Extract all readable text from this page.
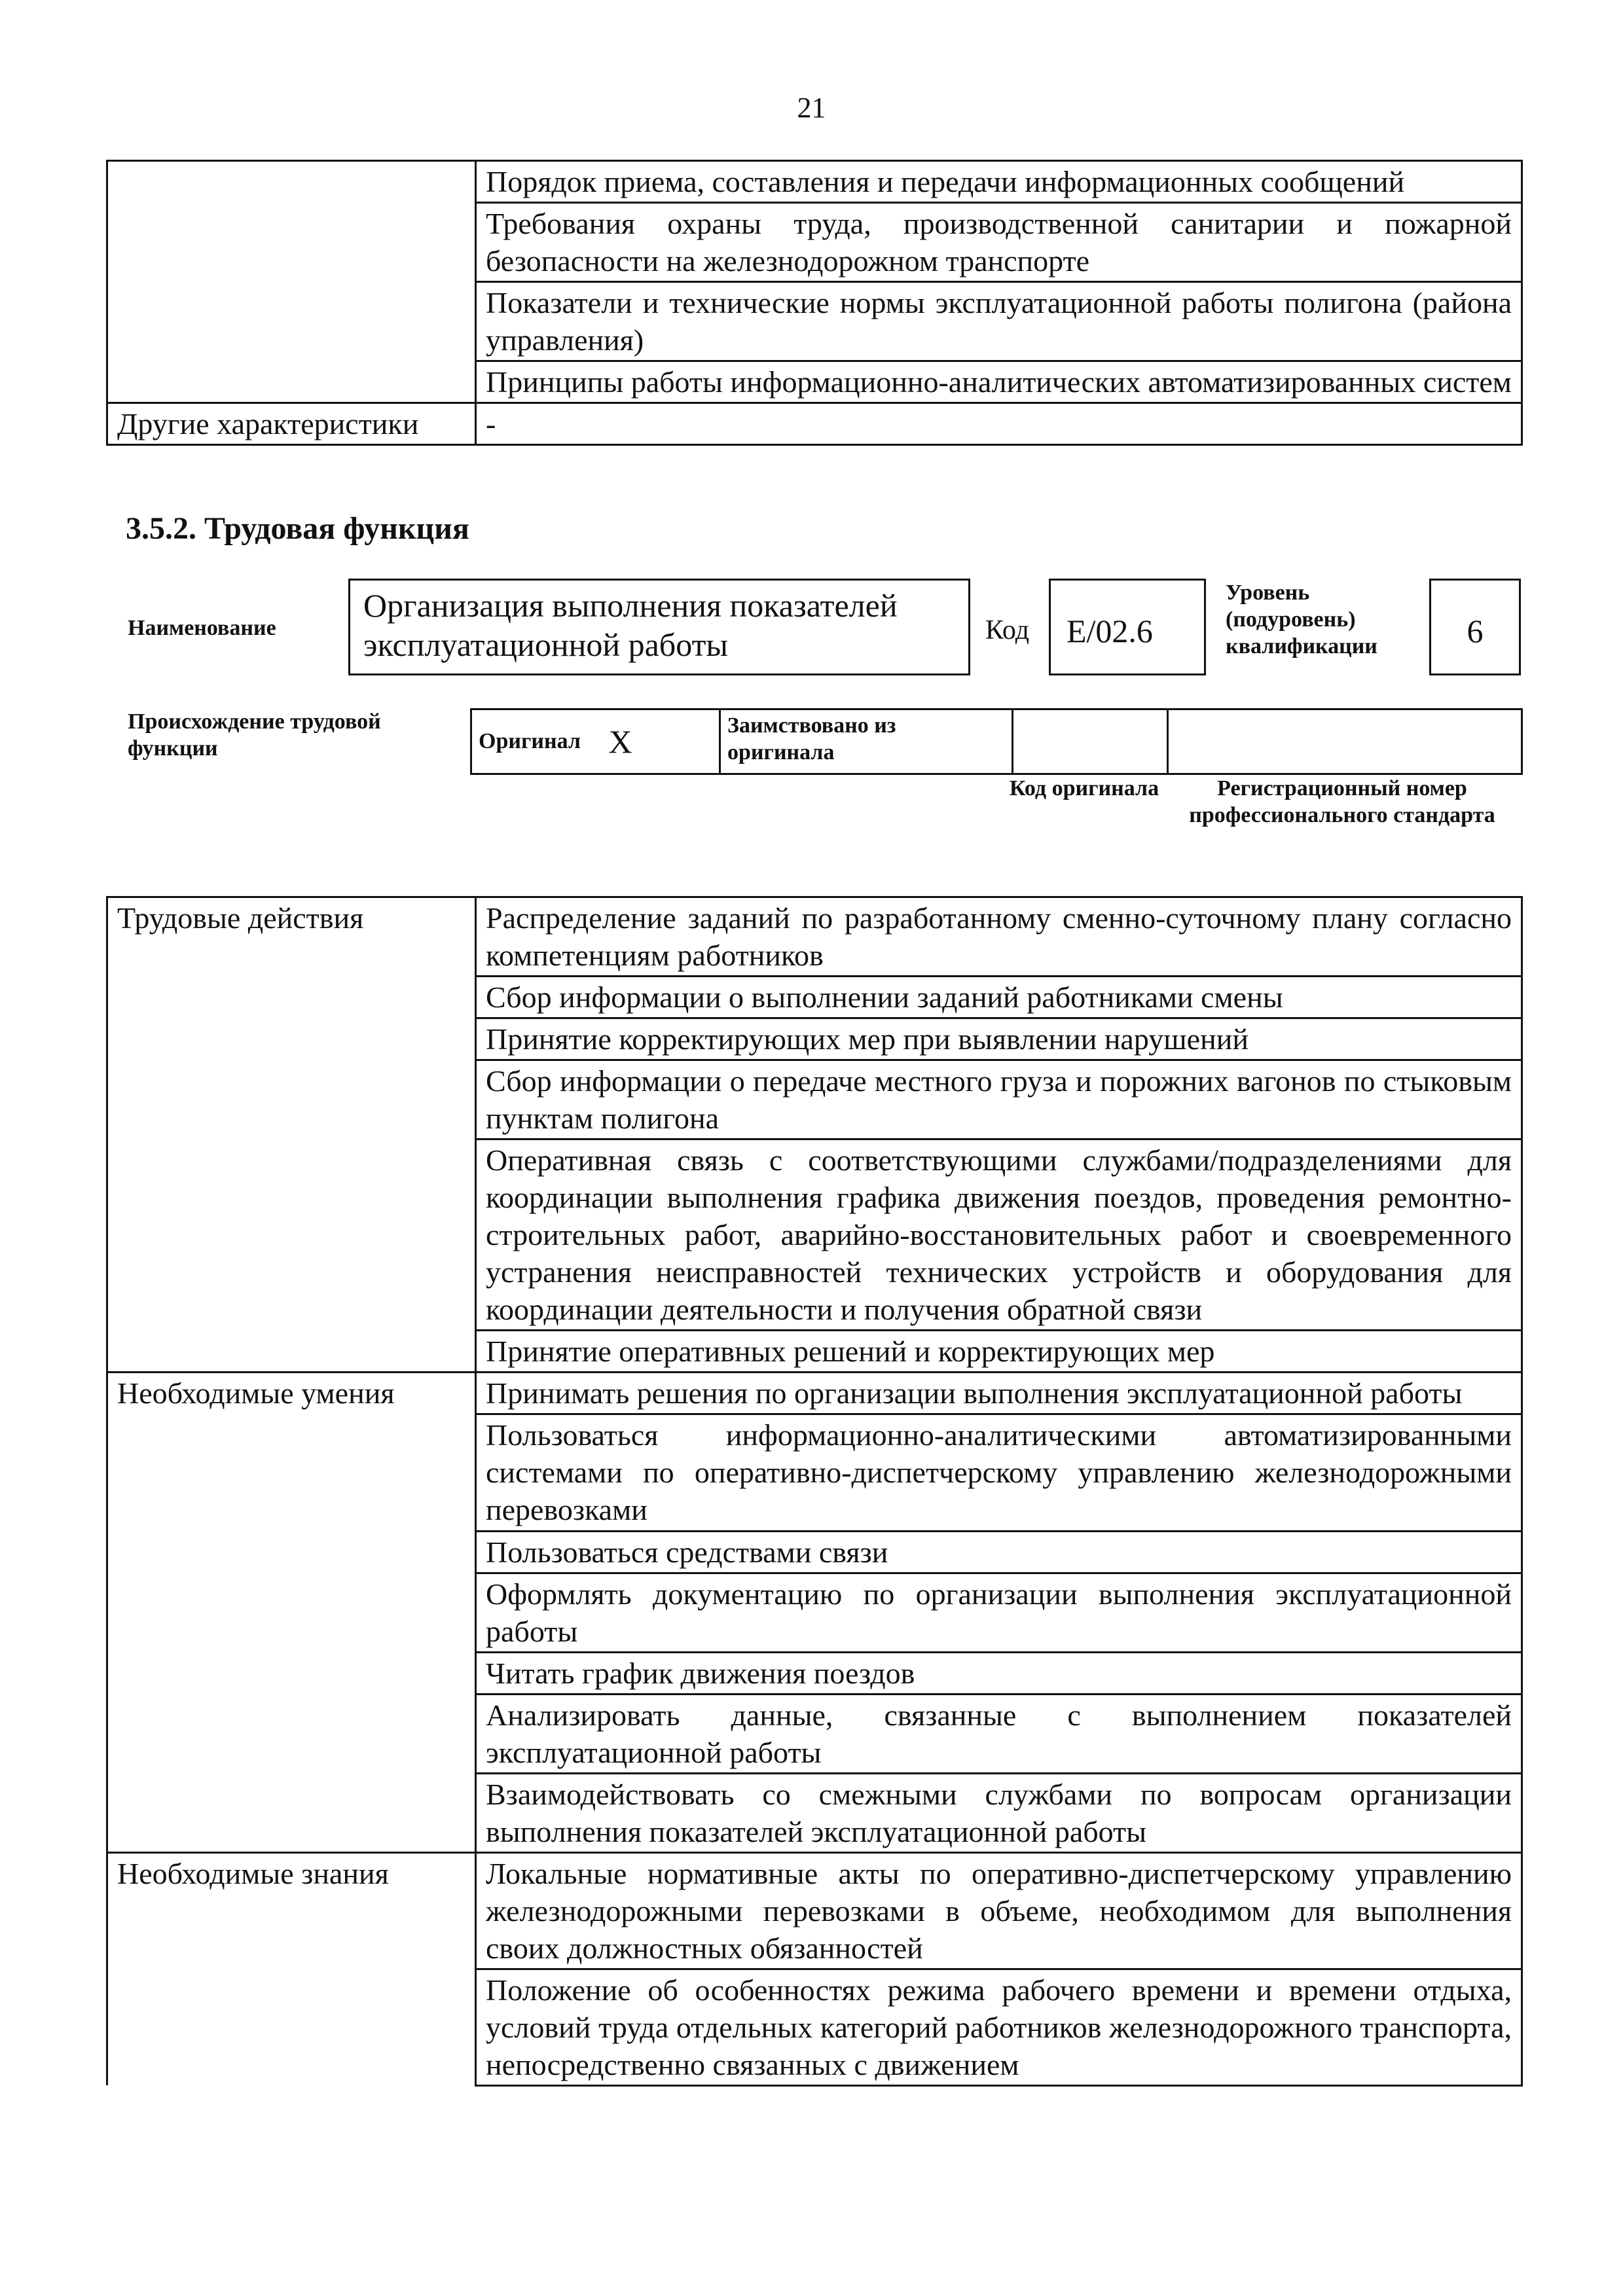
21
	Порядок приема, составления и передачи информационных сообщений
	Требования охраны труда, производственной санитарии и пожарной безопасности на железнодорожном транспорте
	Показатели и технические нормы эксплуатационной работы полигона (района управления)
	Принципы работы информационно-аналитических автоматизированных систем
Другие характеристики	-
3.5.2. Трудовая функция
Наименование
Организация выполнения показателей эксплуатационной работы	Код	E/02.6
Уровень (подуровень) квалификации	6
Происхождение трудовой функции	Оригинал	X	Заимствовано из оригинала		
Код оригинала	Регистрационный номер профессионального стандарта
Трудовые действия	Распределение заданий по разработанному сменно-суточному плану согласно компетенциям работников
	Сбор информации о выполнении заданий работниками смены
	Принятие корректирующих мер при выявлении нарушений
	Сбор информации о передаче местного груза и порожних вагонов по стыковым пунктам полигона
	Оперативная связь с соответствующими службами/подразделениями для координации выполнения графика движения поездов, проведения ремонтно-строительных работ, аварийно-восстановительных работ и своевременного устранения неисправностей технических устройств и оборудования для координации деятельности и получения обратной связи
	Принятие оперативных решений и корректирующих мер
Необходимые умения	Принимать решения по организации выполнения эксплуатационной работы
	Пользоваться информационно-аналитическими автоматизированными системами по оперативно-диспетчерскому управлению железнодорожными перевозками
	Пользоваться средствами связи
	Оформлять документацию по организации выполнения эксплуатационной работы
	Читать график движения поездов
	Анализировать данные, связанные с выполнением показателей эксплуатационной работы
	Взаимодействовать со смежными службами по вопросам организации выполнения показателей эксплуатационной работы
Необходимые знания	Локальные нормативные акты по оперативно-диспетчерскому управлению железнодорожными перевозками в объеме, необходимом для выполнения своих должностных обязанностей
	Положение об особенностях режима рабочего времени и времени отдыха, условий труда отдельных категорий работников железнодорожного транспорта, непосредственно связанных с движением
